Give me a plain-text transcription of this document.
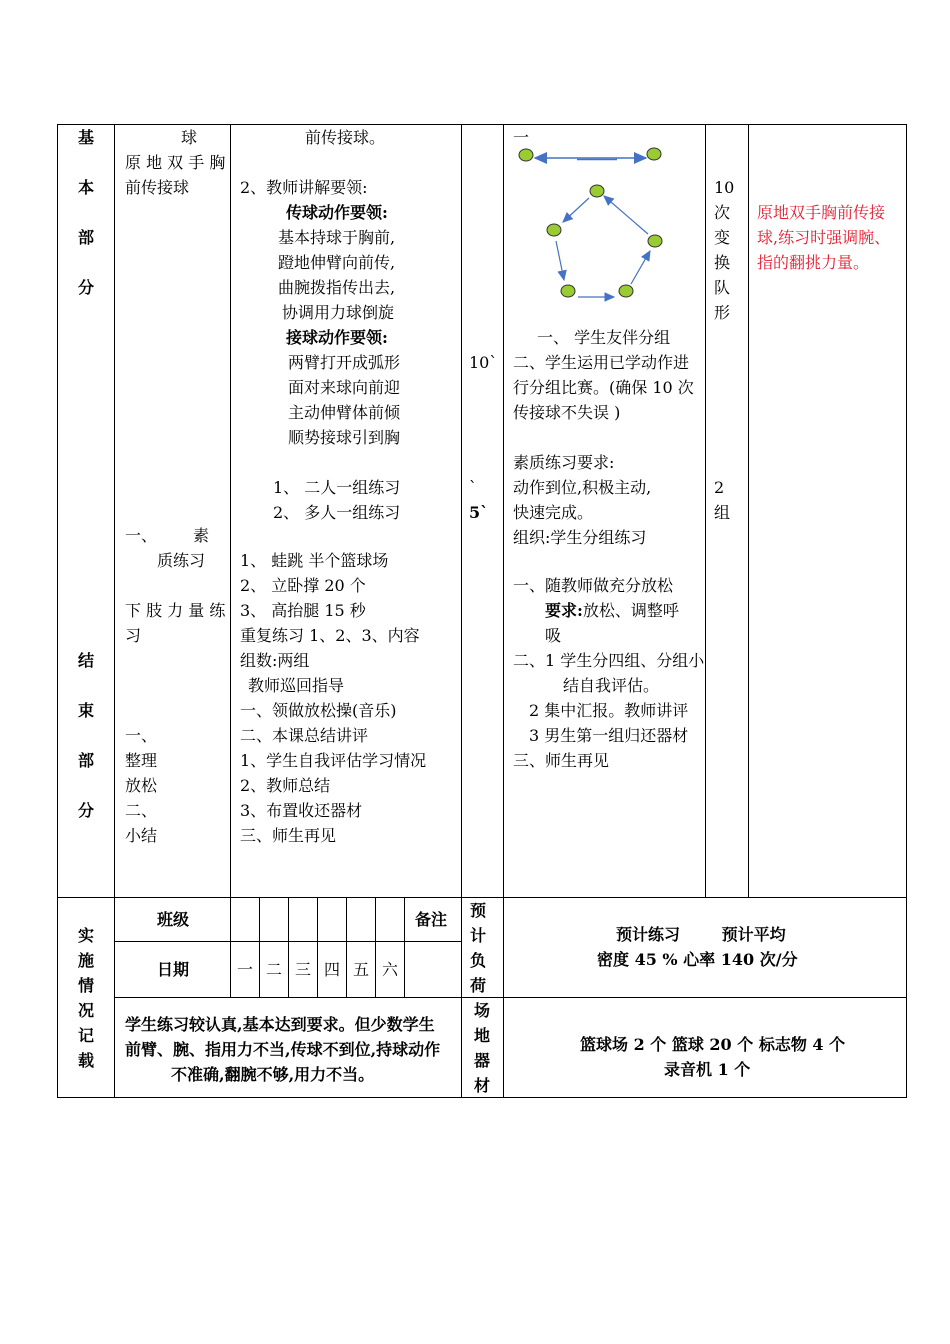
基
本
部
分
结
束
部
分
实
施
情
况
记
载
球
原 地 双 手 胸
前传接球
一、 素
质练习
下 肢 力 量 练
习
一、
整理
放松
二、
小结
前传接球。
2、教师讲解要领:
传球动作要领:
基本持球于胸前,
蹬地伸臂向前传,
曲腕拨指传出去,
协调用力球倒旋
接球动作要领:
两臂打开成弧形
面对来球向前迎
主动伸臂体前倾
顺势接球引到胸
1、 二人一组练习
2、 多人一组练习
1、 蛙跳 半个篮球场
2、 立卧撑 20 个
3、 高抬腿 15 秒
重复练习 1、2、3、内容
组数:两组
教师巡回指导
一、领做放松操(音乐)
二、本课总结讲评
1、学生自我评估学习情况
2、教师总结
3、布置收还器材
三、师生再见
10`
`
5`
一
一、 学生友伴分组
二、学生运用已学动作进
行分组比赛。(确保 10 次
传接球不失误 )
素质练习要求:
动作到位,积极主动,
快速完成。
组织:学生分组练习
一、随教师做充分放松
要求:放松、调整呼
吸
二、1 学生分四组、分组小
结自我评估。
2 集中汇报。教师讲评
3 男生第一组归还器材
三、师生再见
10
次
变
换
队
形
2
组
原地双手胸前传接
球,练习时强调腕、
指的翻挑力量。
班级	备注
日期	一 二 三 四 五 六
预
计
负
荷
预计练习 预计平均
密度 45 % 心率 140 次/分
场
地
器
材
篮球场 2 个 篮球 20 个 标志物 4 个
录音机 1 个
学生练习较认真,基本达到要求。但少数学生
前臂、腕、指用力不当,传球不到位,持球动作
不准确,翻腕不够,用力不当。
